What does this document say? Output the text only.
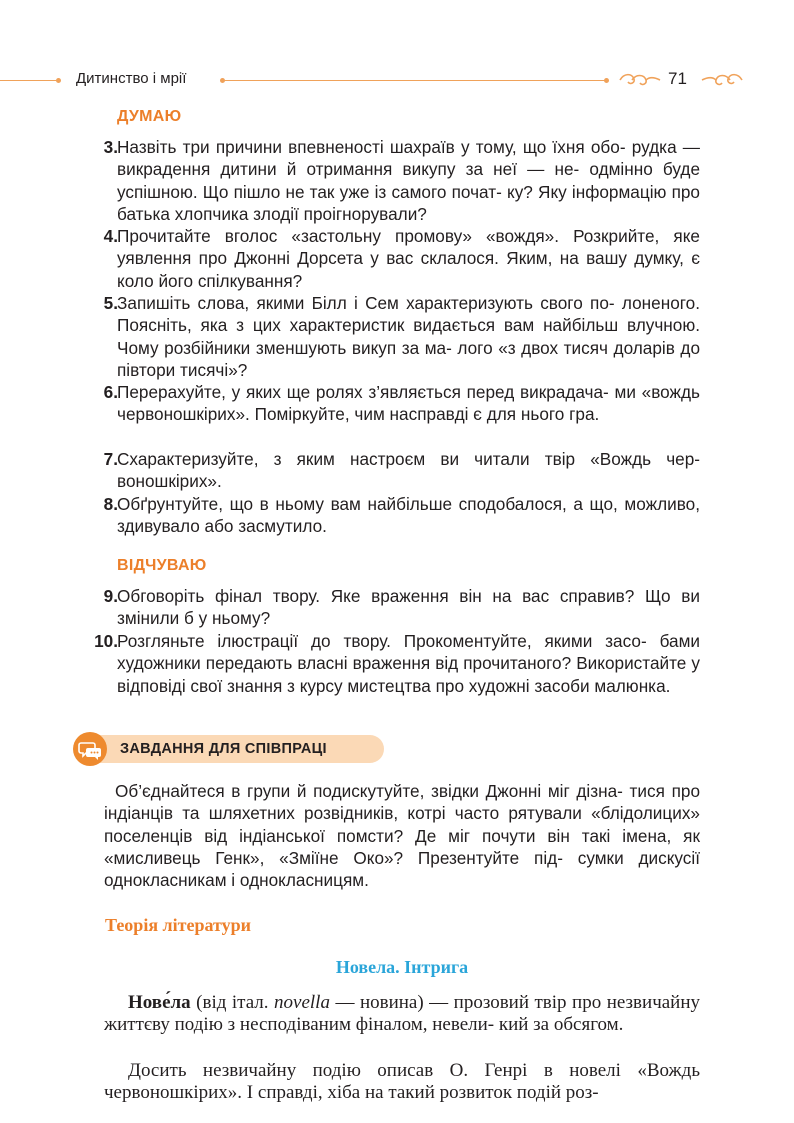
Дитинство і мрії	71
ДУМАЮ
3. Назвіть три причини впевненості шахраїв у тому, що їхня обо- рудка — викрадення дитини й отримання викупу за неї — не- одмінно буде успішною. Що пішло не так уже із самого почат- ку? Яку інформацію про батька хлопчика злодії проігнорували?
4. Прочитайте вголос «застольну промову» «вождя». Розкрийте, яке уявлення про Джонні Дорсета у вас склалося. Яким, на вашу думку, є коло його спілкування?
5. Запишіть слова, якими Білл і Сем характеризують свого по- лоненого. Поясніть, яка з цих характеристик видається вам найбільш влучною. Чому розбійники зменшують викуп за ма- лого «з двох тисяч доларів до півтори тисячі»?
6. Перерахуйте, у яких ще ролях з’являється перед викрадача- ми «вождь червоношкірих». Поміркуйте, чим насправді є для нього гра.
7. Схарактеризуйте, з яким настроєм ви читали твір «Вождь чер- воношкірих».
8. Обґрунтуйте, що в ньому вам найбільше сподобалося, а що, можливо, здивувало або засмутило.
ВІДЧУВАЮ
9. Обговоріть фінал твору. Яке враження він на вас справив? Що ви змінили б у ньому?
10. Розгляньте ілюстрації до твору. Прокоментуйте, якими засо- бами художники передають власні враження від прочитаного? Використайте у відповіді свої знання з курсу мистецтва про художні засоби малюнка.
ЗАВДАННЯ ДЛЯ СПІВПРАЦІ
Об’єднайтеся в групи й подискутуйте, звідки Джонні міг дізна- тися про індіанців та шляхетних розвідників, котрі часто рятували «блідолицих» поселенців від індіанської помсти? Де міг почути він такі імена, як «мисливець Генк», «Зміїне Око»? Презентуйте під- сумки дискусії однокласникам і однокласницям.
Теорія літератури
Новела. Інтрига
Нове́ла (від італ. novella — новина) — прозовий твір про незвичайну життєву подію з несподіваним фіналом, невели- кий за обсягом.
Досить незвичайну подію описав О. Генрі в новелі «Вождь червоношкірих». І справді, хіба на такий розвиток подій роз-
